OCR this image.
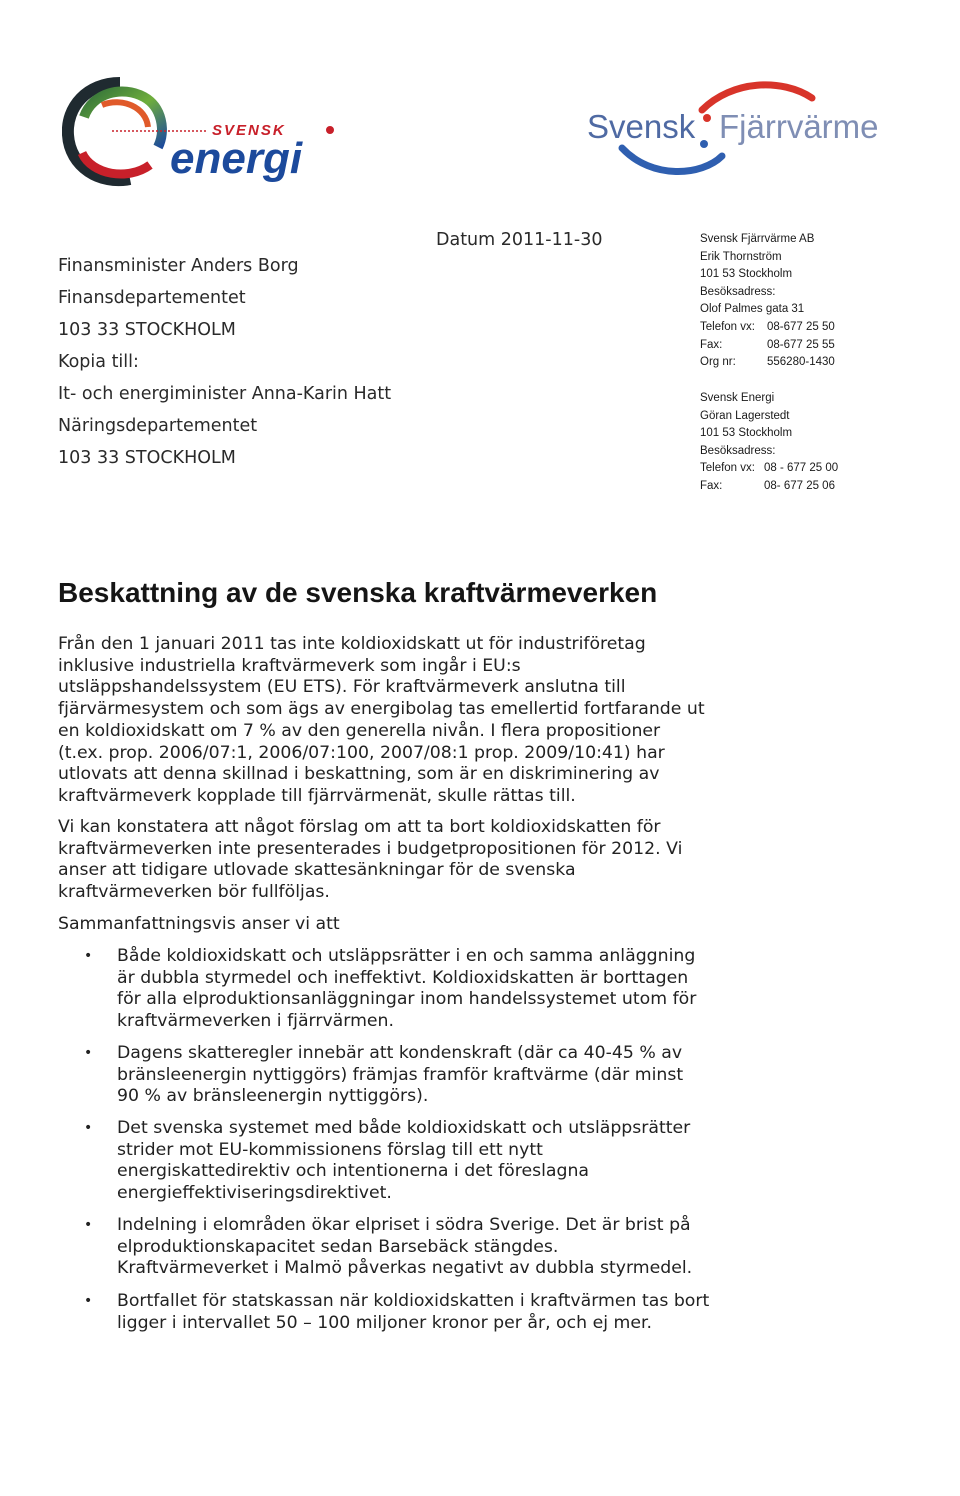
SVENSK
energi
Svensk Fjärrvärme
Finansminister Anders Borg
Finansdepartementet
103 33 STOCKHOLM
Kopia till:
It- och energiminister Anna-Karin Hatt
Näringsdepartementet
103 33 STOCKHOLM
Datum 2011-11-30	Svensk Fjärrvärme AB
Erik Thornström
101 53 Stockholm
Besöksadress:
Olof Palmes gata 31
Telefon vx:	08-677 25 50
Fax:	08-677 25 55
Org nr:	556280-1430
Svensk Energi
Göran Lagerstedt
101 53 Stockholm
Besöksadress:
Telefon vx: 08 - 677 25 00
Fax:	08- 677 25 06
Beskattning av de svenska kraftvärmeverken
Från den 1 januari 2011 tas inte koldioxidskatt ut för industriföretag
inklusive industriella kraftvärmeverk som ingår i EU:s
utsläppshandelssystem (EU ETS). För kraftvärmeverk anslutna till
fjärvärmesystem och som ägs av energibolag tas emellertid fortfarande ut
en koldioxidskatt om 7 % av den generella nivån. I flera propositioner
(t.ex. prop. 2006/07:1, 2006/07:100, 2007/08:1 prop. 2009/10:41) har
utlovats att denna skillnad i beskattning, som är en diskriminering av
kraftvärmeverk kopplade till fjärrvärmenät, skulle rättas till.
Vi kan konstatera att något förslag om att ta bort koldioxidskatten för
kraftvärmeverken inte presenterades i budgetpropositionen för 2012. Vi
anser att tidigare utlovade skattesänkningar för de svenska
kraftvärmeverken bör fullföljas.
Sammanfattningsvis anser vi att
• Både koldioxidskatt och utsläppsrätter i en och samma anläggning
är dubbla styrmedel och ineffektivt. Koldioxidskatten är borttagen
för alla elproduktionsanläggningar inom handelssystemet utom för
kraftvärmeverken i fjärrvärmen.
• Dagens skatteregler innebär att kondenskraft (där ca 40-45 % av
bränsleenergin nyttiggörs) främjas framför kraftvärme (där minst
90 % av bränsleenergin nyttiggörs).
• Det svenska systemet med både koldioxidskatt och utsläppsrätter
strider mot EU-kommissionens förslag till ett nytt
energiskattedirektiv och intentionerna i det föreslagna
energieffektiviseringsdirektivet.
• Indelning i elområden ökar elpriset i södra Sverige. Det är brist på
elproduktionskapacitet sedan Barsebäck stängdes.
Kraftvärmeverket i Malmö påverkas negativt av dubbla styrmedel.
• Bortfallet för statskassan när koldioxidskatten i kraftvärmen tas bort
ligger i intervallet 50 – 100 miljoner kronor per år, och ej mer.
